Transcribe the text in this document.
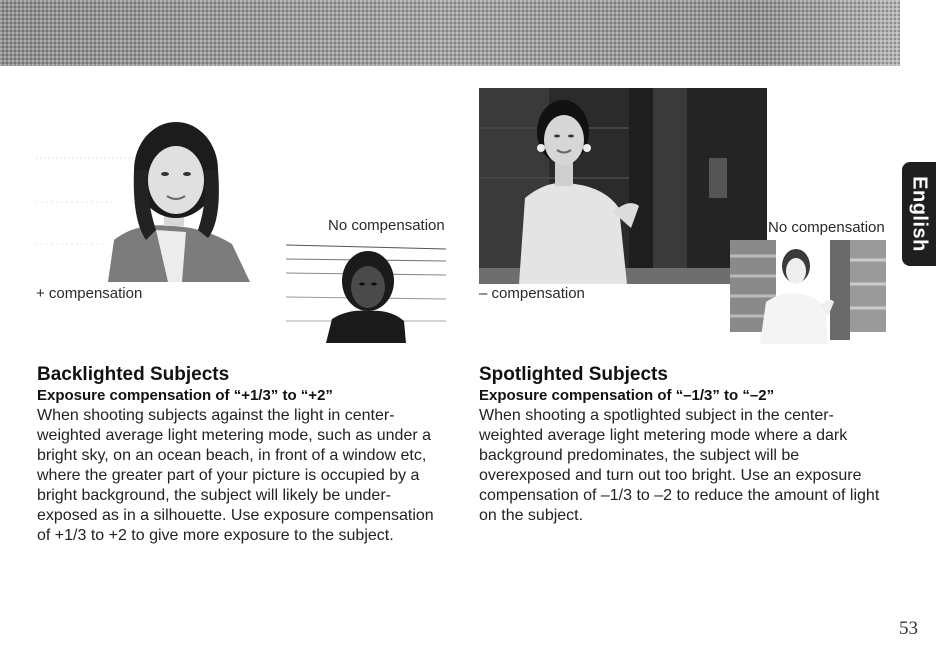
English
+ compensation
No compensation
– compensation
No compensation
Backlighted Subjects
Exposure compensation of “+1/3” to “+2”
When shooting subjects against the light in center-weighted average light metering mode, such as under a bright sky, on an ocean beach, in front of a window etc, where the greater part of your picture is occupied by a bright background, the subject will likely be under-exposed as in a silhouette. Use exposure compensation of +1/3 to +2 to give more exposure to the subject.
Spotlighted Subjects
Exposure compensation of “–1/3” to “–2”
When shooting a spotlighted subject in the center-weighted average light metering mode where a dark background predominates, the subject will be overexposed and turn out too bright. Use an exposure compensation of –1/3 to –2 to reduce the amount of light on the subject.
53
